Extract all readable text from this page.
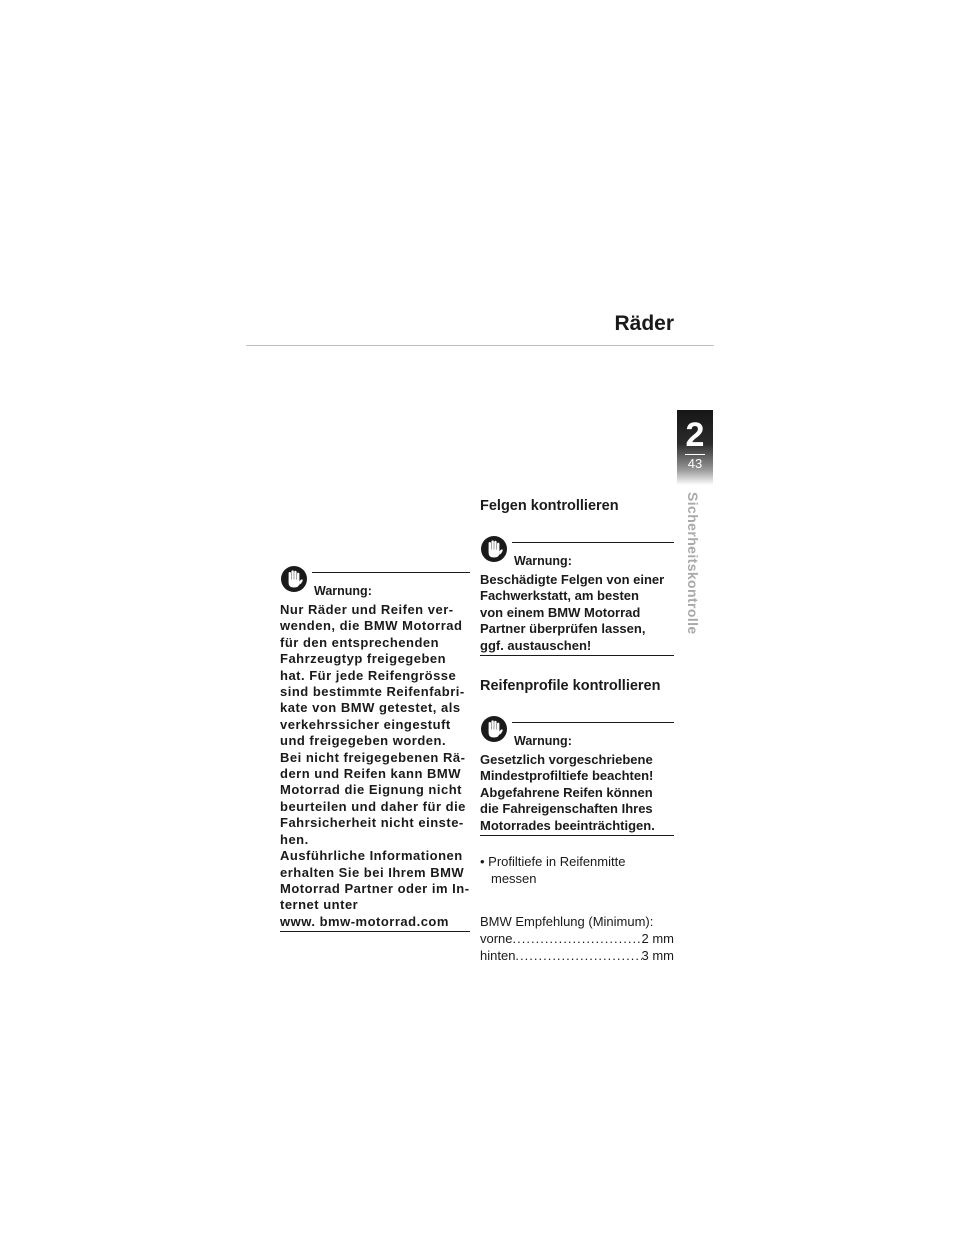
Räder
2
43
Sicherheitskontrolle
Warnung:

Nur Räder und Reifen ver-
wenden, die BMW Motorrad
für den entsprechenden
Fahrzeugtyp freigegeben
hat. Für jede Reifengrösse
sind bestimmte Reifenfabri-
kate von BMW getestet, als
verkehrssicher eingestuft
und freigegeben worden.
Bei nicht freigegebenen Rä-
dern und Reifen kann BMW
Motorrad die Eignung nicht
beurteilen und daher für die
Fahrsicherheit nicht einste-
hen.
Ausführliche Informationen
erhalten Sie bei Ihrem BMW
Motorrad Partner oder im In-
ternet unter
www. bmw-motorrad.com

Felgen kontrollieren
Warnung:

Beschädigte Felgen von einer
Fachwerkstatt, am besten
von einem BMW Motorrad
Partner überprüfen lassen,
ggf. austauschen!

Reifenprofile kontrollieren
Warnung:

Gesetzlich vorgeschriebene
Mindestprofiltiefe beachten!
Abgefahrene Reifen können
die Fahreigenschaften Ihres
Motorrades beeinträchtigen.

• Profiltiefe in Reifenmitte
messen

BMW Empfehlung (Minimum):

vorne .....	2 mm
hinten .....	3 mm
